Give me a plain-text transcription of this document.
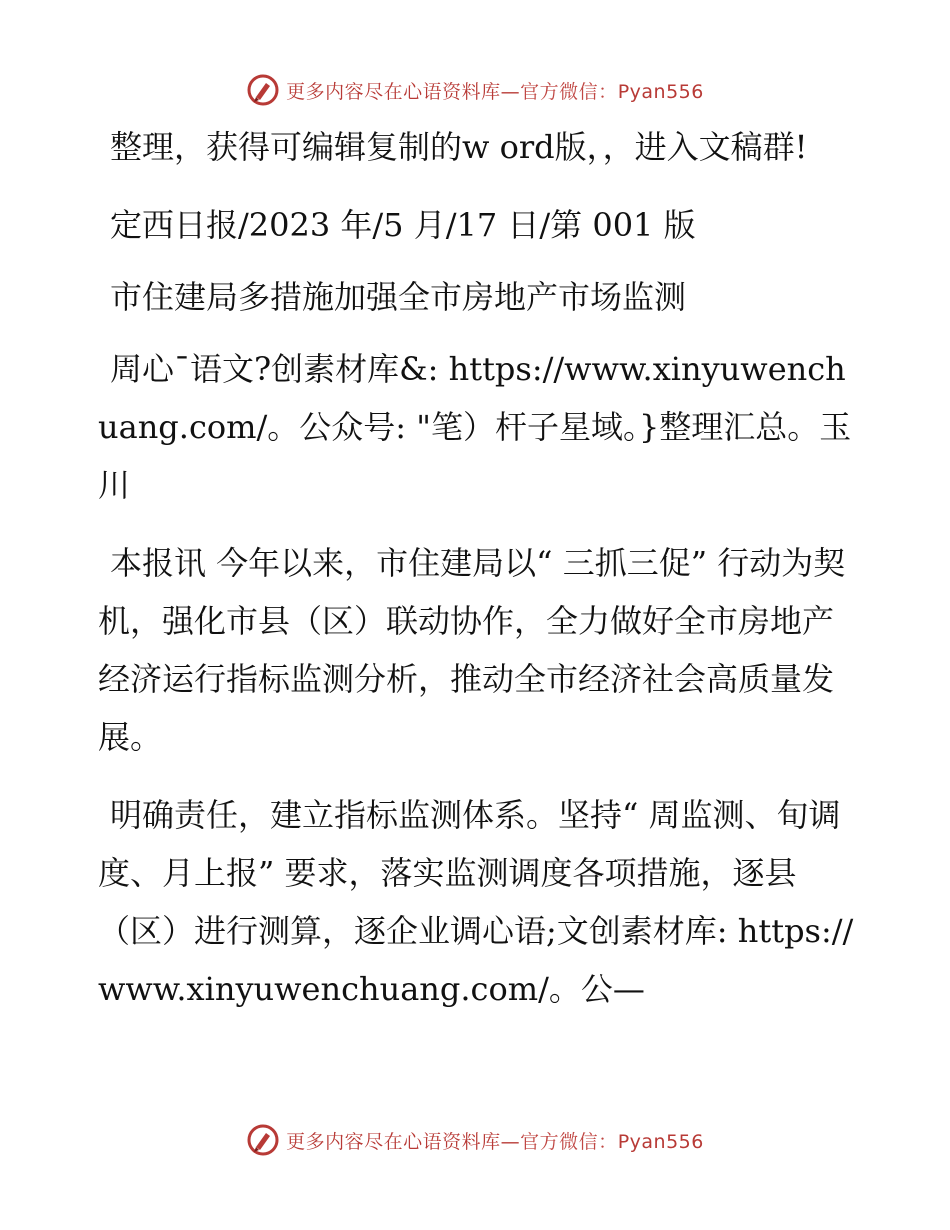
更多内容尽在心语资料库—官方微信：Pyan556

整理，获得可编辑复制的w ord版，，进入文稿群!

定西日报/2023 年/5 月/17 日/第 001 版

市住建局多措施加强全市房地产市场监测

周心¯语文?创素材库&: https://www.xinyuwenchuang.com/。公众号: "笔）杆子星域。}整理汇总。玉川

本报讯 今年以来，市住建局以“ 三抓三促” 行动为契机，强化市县（区）联动协作，全力做好全市房地产经济运行指标监测分析，推动全市经济社会高质量发展。

明确责任，建立指标监测体系。坚持“ 周监测、旬调度、月上报” 要求，落实监测调度各项措施，逐县（区）进行测算，逐企业调心语;文创素材库: https://www.xinyuwenchuang.com/。公—

更多内容尽在心语资料库—官方微信：Pyan556
